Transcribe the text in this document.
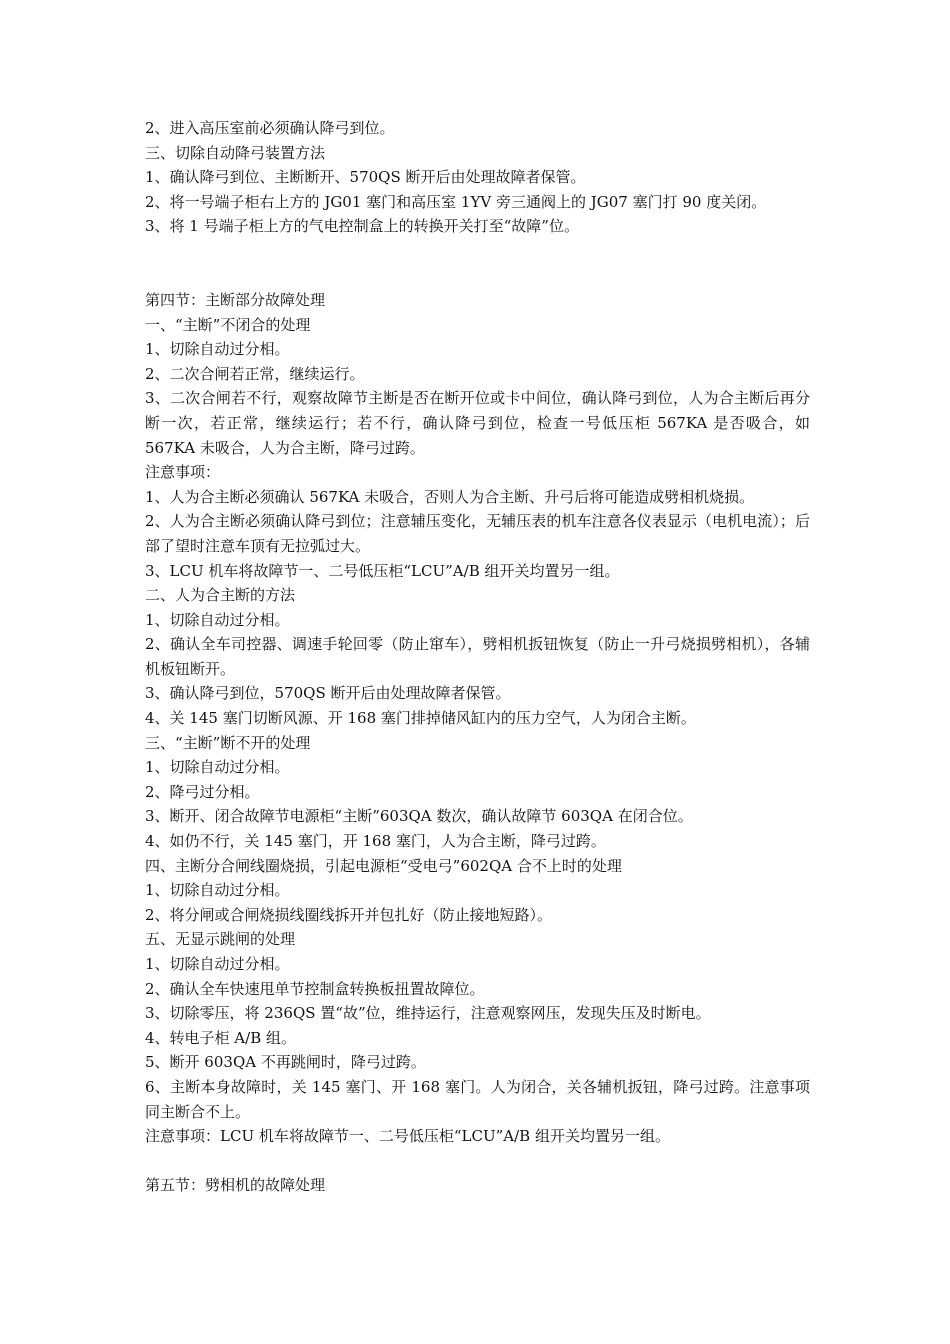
2、进入高压室前必须确认降弓到位。
三、切除自动降弓装置方法
1、确认降弓到位、主断断开、570QS 断开后由处理故障者保管。
2、将一号端子柜右上方的 JG01 塞门和高压室 1YV 旁三通阀上的 JG07 塞门打 90 度关闭。
3、将 1 号端子柜上方的气电控制盒上的转换开关打至“故障”位。
第四节：主断部分故障处理
一、“主断”不闭合的处理
1、切除自动过分相。
2、二次合闸若正常，继续运行。
3、二次合闸若不行，观察故障节主断是否在断开位或卡中间位，确认降弓到位，人为合主断后再分断一次，若正常，继续运行；若不行，确认降弓到位，检查一号低压柜 567KA 是否吸合，如 567KA 未吸合，人为合主断，降弓过跨。
注意事项：
1、人为合主断必须确认 567KA 未吸合，否则人为合主断、升弓后将可能造成劈相机烧损。
2、人为合主断必须确认降弓到位；注意辅压变化，无辅压表的机车注意各仪表显示（电机电流）；后部了望时注意车顶有无拉弧过大。
3、LCU 机车将故障节一、二号低压柜“LCU”A/B 组开关均置另一组。
二、人为合主断的方法
1、切除自动过分相。
2、确认全车司控器、调速手轮回零（防止窜车），劈相机扳钮恢复（防止一升弓烧损劈相机），各辅机板钮断开。
3、确认降弓到位，570QS 断开后由处理故障者保管。
4、关 145 塞门切断风源、开 168 塞门排掉储风缸内的压力空气，人为闭合主断。
三、“主断”断不开的处理
1、切除自动过分相。
2、降弓过分相。
3、断开、闭合故障节电源柜“主断”603QA 数次，确认故障节 603QA 在闭合位。
4、如仍不行，关 145 塞门，开 168 塞门，人为合主断，降弓过跨。
四、主断分合闸线圈烧损，引起电源柜“受电弓”602QA 合不上时的处理
1、切除自动过分相。
2、将分闸或合闸烧损线圈线拆开并包扎好（防止接地短路）。
五、无显示跳闸的处理
1、切除自动过分相。
2、确认全车快速甩单节控制盒转换板扭置故障位。
3、切除零压，将 236QS 置“故”位，维持运行，注意观察网压，发现失压及时断电。
4、转电子柜 A/B 组。
5、断开 603QA 不再跳闸时，降弓过跨。
6、主断本身故障时，关 145 塞门、开 168 塞门。人为闭合，关各辅机扳钮，降弓过跨。注意事项同主断合不上。
注意事项：LCU 机车将故障节一、二号低压柜“LCU”A/B 组开关均置另一组。
第五节：劈相机的故障处理
